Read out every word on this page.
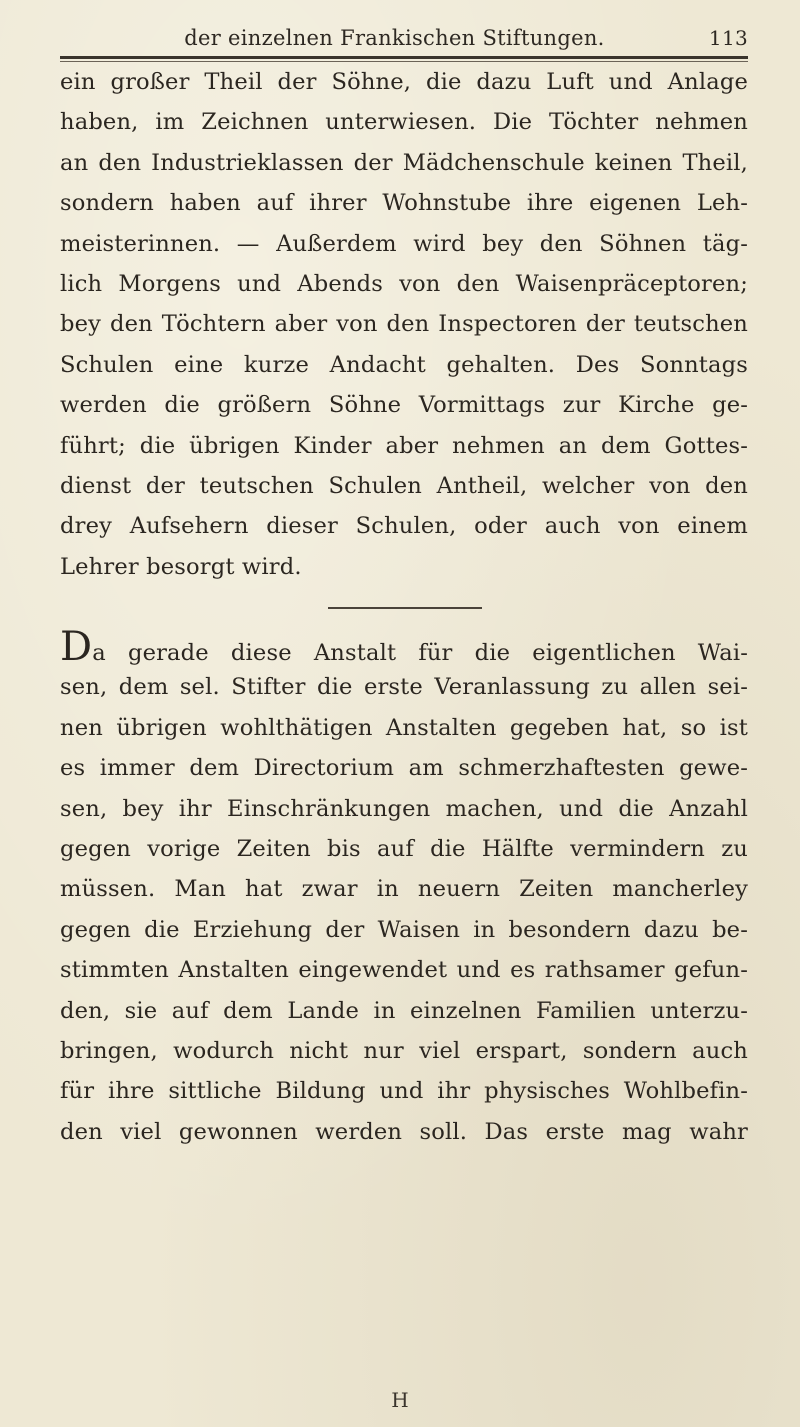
der einzelnen Frankischen Stiftungen.	113
ein großer Theil der Söhne, die dazu Luft und Anlage
haben, im Zeichnen unterwiesen. Die Töchter nehmen
an den Industrieklassen der Mädchenschule keinen Theil,
sondern haben auf ihrer Wohnstube ihre eigenen Leh-
meisterinnen. — Außerdem wird bey den Söhnen täg-
lich Morgens und Abends von den Waisenpräceptoren;
bey den Töchtern aber von den Inspectoren der teutschen
Schulen eine kurze Andacht gehalten. Des Sonntags
werden die größern Söhne Vormittags zur Kirche ge-
führt; die übrigen Kinder aber nehmen an dem Gottes-
dienst der teutschen Schulen Antheil, welcher von den
drey Aufsehern dieser Schulen, oder auch von einem
Lehrer besorgt wird.
Da gerade diese Anstalt für die eigentlichen Wai-
sen, dem sel. Stifter die erste Veranlassung zu allen sei-
nen übrigen wohlthätigen Anstalten gegeben hat, so ist
es immer dem Directorium am schmerzhaftesten gewe-
sen, bey ihr Einschränkungen machen, und die Anzahl
gegen vorige Zeiten bis auf die Hälfte vermindern zu
müssen. Man hat zwar in neuern Zeiten mancherley
gegen die Erziehung der Waisen in besondern dazu be-
stimmten Anstalten eingewendet und es rathsamer gefun-
den, sie auf dem Lande in einzelnen Familien unterzu-
bringen, wodurch nicht nur viel erspart, sondern auch
für ihre sittliche Bildung und ihr physisches Wohlbefin-
den viel gewonnen werden soll. Das erste mag wahr
H
